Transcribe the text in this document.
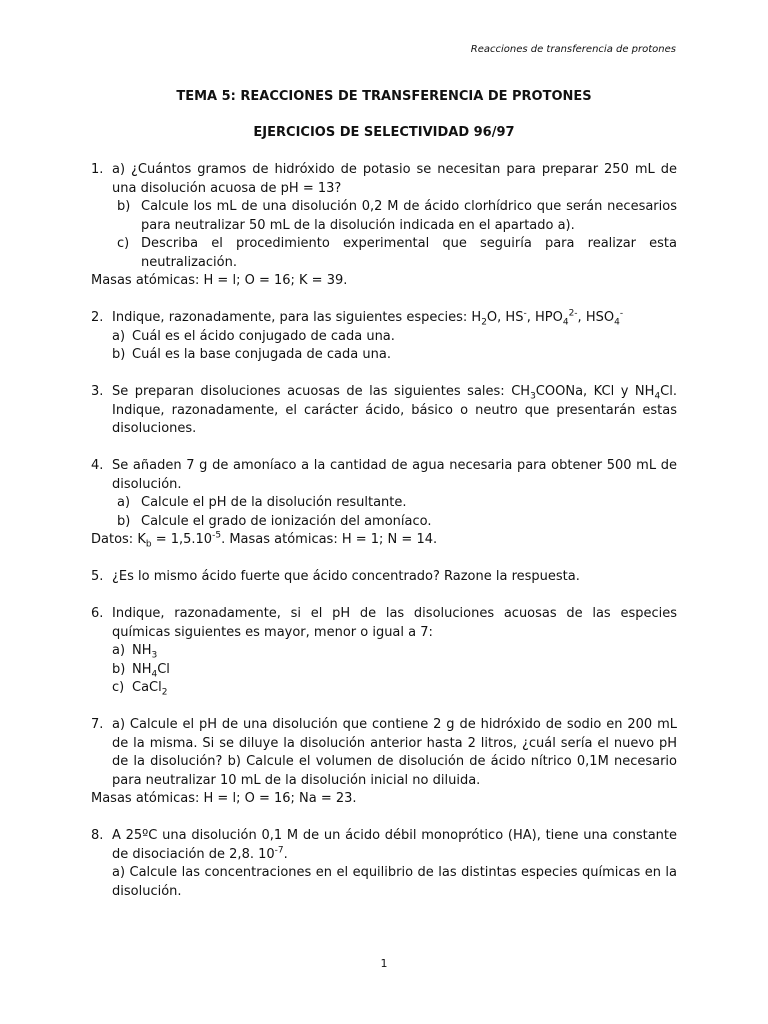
Reacciones de transferencia de protones
TEMA 5: REACCIONES DE TRANSFERENCIA DE PROTONES
EJERCICIOS DE SELECTIVIDAD 96/97
1. a) ¿Cuántos gramos de hidróxido de potasio se necesitan para preparar 250 mL de una disolución acuosa de pH = 13?
b) Calcule los mL de una disolución 0,2 M de ácido clorhídrico que serán necesarios para neutralizar 50 mL de la disolución indicada en el apartado a).
c) Describa el procedimiento experimental que seguiría para realizar esta neutralización.
Masas atómicas: H = l; O = 16; K = 39.
2. Indique, razonadamente, para las siguientes especies: $H_2O$, HS-, $HPO_4^{2-}$, $HSO_4^-$
a) Cuál es el ácido conjugado de cada una.
b) Cuál es la base conjugada de cada una.
3. Se preparan disoluciones acuosas de las siguientes sales: $CH_3COONa$, KCl y $NH_4Cl$. Indique, razonadamente, el carácter ácido, básico o neutro que presentarán estas disoluciones.
4. Se añaden 7 g de amoníaco a la cantidad de agua necesaria para obtener 500 mL de disolución.
a) Calcule el pH de la disolución resultante.
b) Calcule el grado de ionización del amoníaco.
Datos: $K_b = 1,5.10^{-5}$. Masas atómicas: H = 1; N = 14.
5. ¿Es lo mismo ácido fuerte que ácido concentrado? Razone la respuesta.
6. Indique, razonadamente, si el pH de las disoluciones acuosas de las especies químicas siguientes es mayor, menor o igual a 7:
a) $NH_3$
b) $NH_4Cl$
c) CaCl$_2$
7. a) Calcule el pH de una disolución que contiene 2 g de hidróxido de sodio en 200 mL de la misma. Si se diluye la disolución anterior hasta 2 litros, ¿cuál sería el nuevo pH de la disolución? b) Calcule el volumen de disolución de ácido nítrico 0,1M necesario para neutralizar 10 mL de la disolución inicial no diluida.
Masas atómicas: H = l; O = 16; Na = 23.
8. A 25ºC una disolución 0,1 M de un ácido débil monoprótico (HA), tiene una constante de disociación de 2,8. $10^{-7}$.
a) Calcule las concentraciones en el equilibrio de las distintas especies químicas en la disolución.
1
